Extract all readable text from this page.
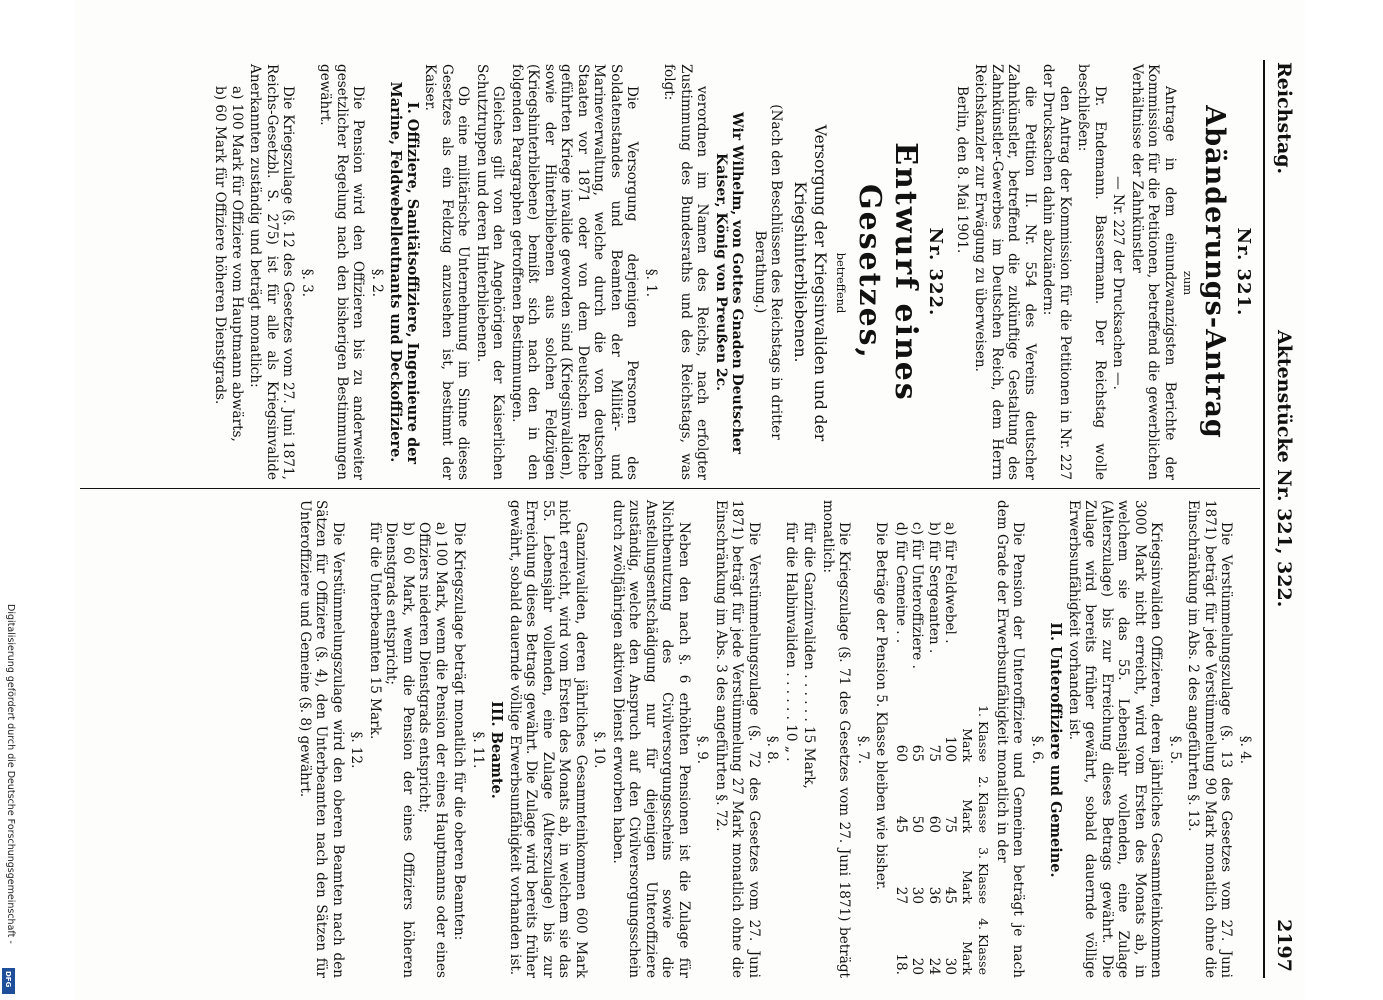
Reichstag.
Aktenstücke Nr. 321, 322.
2197
Nr. 321.
Abänderungs-Antrag

zum

Antrage in dem einundzwanzigsten Berichte der Kommission für die Petitionen, betreffend die gewerblichen Verhältnisse der Zahnkünstler

— Nr. 227 der Drucksachen —.

Dr. Endemann. Bassermann. Der Reichstag wolle beschließen:

den Antrag der Kommission für die Petitionen in Nr. 227 der Drucksachen dahin abzuändern:

die Petition II. Nr. 554 des Vereins deutscher Zahnkünstler, betreffend die zukünftige Gestaltung des Zahnkünstler-Gewerbes im Deutschen Reich, dem Herrn Reichskanzler zur Erwägung zu überweisen.

Berlin, den 8. Mai 1901.

Nr. 322.
Entwurf eines Gesetzes,

betreffend

Versorgung der Kriegsinvaliden und der Kriegshinterbliebenen.

(Nach den Beschlüssen des Reichstags in dritter Berathung.)

Wir Wilhelm, von Gottes Gnaden Deutscher Kaiser, König von Preußen 2c.

verordnen im Namen des Reichs, nach erfolgter Zustimmung des Bundesraths und des Reichstags, was folgt:

§. 1.

Die Versorgung derjenigen Personen des Soldatenstandes und Beamten der Militär- und Marineverwaltung, welche durch die von deutschen Staaten vor 1871 oder von dem Deutschen Reiche geführten Kriege invalide geworden sind (Kriegsinvaliden), sowie der Hinterbliebenen aus solchen Feldzügen (Kriegshinterbliebene) bemißt sich nach den in den folgenden Paragraphen getroffenen Bestimmungen.

Gleiches gilt von den Angehörigen der Kaiserlichen Schutztruppen und deren Hinterbliebenen.

Ob eine militärische Unternehmung im Sinne dieses Gesetzes als ein Feldzug anzusehen ist, bestimmt der Kaiser.

I. Offiziere, Sanitätsoffiziere, Ingenieure der Marine, Feldwebelleutnants und Deckoffiziere.

§. 2.

Die Pension wird den Offizieren bis zu anderweiter gesetzlicher Regelung nach den bisherigen Bestimmungen gewährt.

§. 3.

Die Kriegszulage (§. 12 des Gesetzes vom 27. Juni 1871, Reichs-Gesetzbl. S. 275) ist für alle als Kriegsinvalide Anerkannten zuständig und beträgt monatlich:

a) 100 Mark für Offiziere vom Hauptmann abwärts,

b) 60 Mark für Offiziere höheren Dienstgrads.

§. 4.

Die Verstümmelungszulage (§. 13 des Gesetzes vom 27. Juni 1871) beträgt für jede Verstümmelung 90 Mark monatlich ohne die Einschränkung im Abs. 2 des angeführten §. 13.

§. 5.

Kriegsinvaliden Offizieren, deren jährliches Gesammteinkommen 3000 Mark nicht erreicht, wird vom Ersten des Monats ab, in welchem sie das 55. Lebensjahr vollenden, eine Zulage (Alterszulage) bis zur Erreichung dieses Betrags gewährt. Die Zulage wird bereits früher gewährt, sobald dauernde völlige Erwerbsunfähigkeit vorhanden ist.

II. Unteroffiziere und Gemeine.

§. 6.

Die Pension der Unteroffiziere und Gemeinen beträgt je nach dem Grade der Erwerbsunfähigkeit monatlich in der

	1. Klasse	2. Klasse	3. Klasse	4. Klasse
	Mark	Mark	Mark	Mark
a) für Feldwebel .	100	75	45	30
b) für Sergeanten .	75	60	36	24
c) für Unteroffiziere .	65	50	30	20
d) für Gemeine . .	60	45	27	18.

Die Beträge der Pension 5. Klasse bleiben wie bisher.

§. 7.

Die Kriegszulage (§. 71 des Gesetzes vom 27. Juni 1871) beträgt monatlich:

für die Ganzinvaliden . . . . . . 15 Mark,

für die Halbinvaliden . . . . . . 10 „ .

§. 8.

Die Verstümmelungszulage (§. 72 des Gesetzes vom 27. Juni 1871) beträgt für jede Verstümmelung 27 Mark monatlich ohne die Einschränkung im Abs. 3 des angeführten §. 72.

§. 9.

Neben den nach §. 6 erhöhten Pensionen ist die Zulage für Nichtbenutzung des Civilversorgungsscheins sowie die Anstellungsentschädigung nur für diejenigen Unteroffiziere zuständig, welche den Anspruch auf den Civilversorgungsschein durch zwölfjährigen aktiven Dienst erworben haben.

§. 10.

Ganzinvaliden, deren jährliches Gesammteinkommen 600 Mark nicht erreicht, wird vom Ersten des Monats ab, in welchem sie das 55. Lebensjahr vollenden, eine Zulage (Alterszulage) bis zur Erreichung dieses Betrags gewährt. Die Zulage wird bereits früher gewährt, sobald dauernde völlige Erwerbsunfähigkeit vorhanden ist.

III. Beamte.

§. 11.

Die Kriegszulage beträgt monatlich für die oberen Beamten:

a) 100 Mark, wenn die Pension der eines Hauptmanns oder eines Offiziers niederen Dienstgrads entspricht;

b) 60 Mark, wenn die Pension der eines Offiziers höheren Dienstgrads entspricht;

für die Unterbeamten 15 Mark.

§. 12.

Die Verstümmelungszulage wird den oberen Beamten nach den Sätzen für Offiziere (§. 4), den Unterbeamten nach den Sätzen für Unteroffiziere und Gemeine (§. 8) gewährt.

Digitalisierung gefördert durch die Deutsche Forschungsgemeinschaft -
DFG
